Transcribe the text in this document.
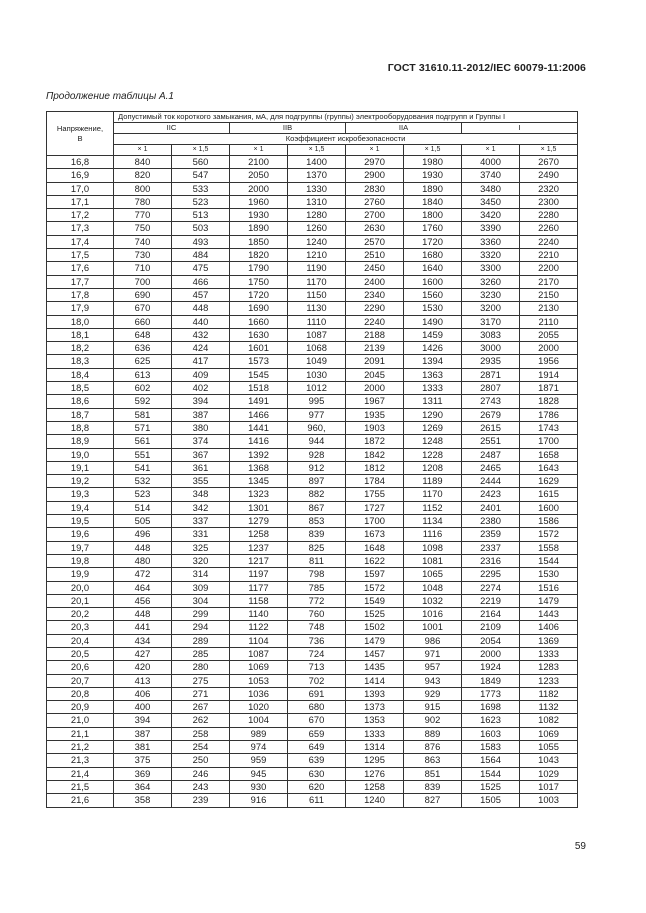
ГОСТ 31610.11-2012/IEC 60079-11:2006
Продолжение таблицы А.1
Напряжение,
В	Допустимый ток короткого замыкания, мА, для подгруппы (группы) электрооборудования подгрупп и Группы I							
	IIC		IIB		IIA		I	
	Коэффициент искробезопасности							
	× 1	× 1,5	× 1	× 1,5	× 1	× 1,5	× 1	× 1,5
16,8	840	560	2100	1400	2970	1980	4000	2670
16,9	820	547	2050	1370	2900	1930	3740	2490
17,0	800	533	2000	1330	2830	1890	3480	2320
17,1	780	523	1960	1310	2760	1840	3450	2300
17,2	770	513	1930	1280	2700	1800	3420	2280
17,3	750	503	1890	1260	2630	1760	3390	2260
17,4	740	493	1850	1240	2570	1720	3360	2240
17,5	730	484	1820	1210	2510	1680	3320	2210
17,6	710	475	1790	1190	2450	1640	3300	2200
17,7	700	466	1750	1170	2400	1600	3260	2170
17,8	690	457	1720	1150	2340	1560	3230	2150
17,9	670	448	1690	1130	2290	1530	3200	2130
18,0	660	440	1660	1110	2240	1490	3170	2110
18,1	648	432	1630	1087	2188	1459	3083	2055
18,2	636	424	1601	1068	2139	1426	3000	2000
18,3	625	417	1573	1049	2091	1394	2935	1956
18,4	613	409	1545	1030	2045	1363	2871	1914
18,5	602	402	1518	1012	2000	1333	2807	1871
18,6	592	394	1491	995	1967	1311	2743	1828
18,7	581	387	1466	977	1935	1290	2679	1786
18,8	571	380	1441	960,	1903	1269	2615	1743
18,9	561	374	1416	944	1872	1248	2551	1700
19,0	551	367	1392	928	1842	1228	2487	1658
19,1	541	361	1368	912	1812	1208	2465	1643
19,2	532	355	1345	897	1784	1189	2444	1629
19,3	523	348	1323	882	1755	1170	2423	1615
19,4	514	342	1301	867	1727	1152	2401	1600
19,5	505	337	1279	853	1700	1134	2380	1586
19,6	496	331	1258	839	1673	1116	2359	1572
19,7	448	325	1237	825	1648	1098	2337	1558
19,8	480	320	1217	811	1622	1081	2316	1544
19,9	472	314	1197	798	1597	1065	2295	1530
20,0	464	309	1177	785	1572	1048	2274	1516
20,1	456	304	1158	772	1549	1032	2219	1479
20,2	448	299	1140	760	1525	1016	2164	1443
20,3	441	294	1122	748	1502	1001	2109	1406
20,4	434	289	1104	736	1479	986	2054	1369
20,5	427	285	1087	724	1457	971	2000	1333
20,6	420	280	1069	713	1435	957	1924	1283
20,7	413	275	1053	702	1414	943	1849	1233
20,8	406	271	1036	691	1393	929	1773	1182
20,9	400	267	1020	680	1373	915	1698	1132
21,0	394	262	1004	670	1353	902	1623	1082
21,1	387	258	989	659	1333	889	1603	1069
21,2	381	254	974	649	1314	876	1583	1055
21,3	375	250	959	639	1295	863	1564	1043
21,4	369	246	945	630	1276	851	1544	1029
21,5	364	243	930	620	1258	839	1525	1017
21,6	358	239	916	611	1240	827	1505	1003
59
